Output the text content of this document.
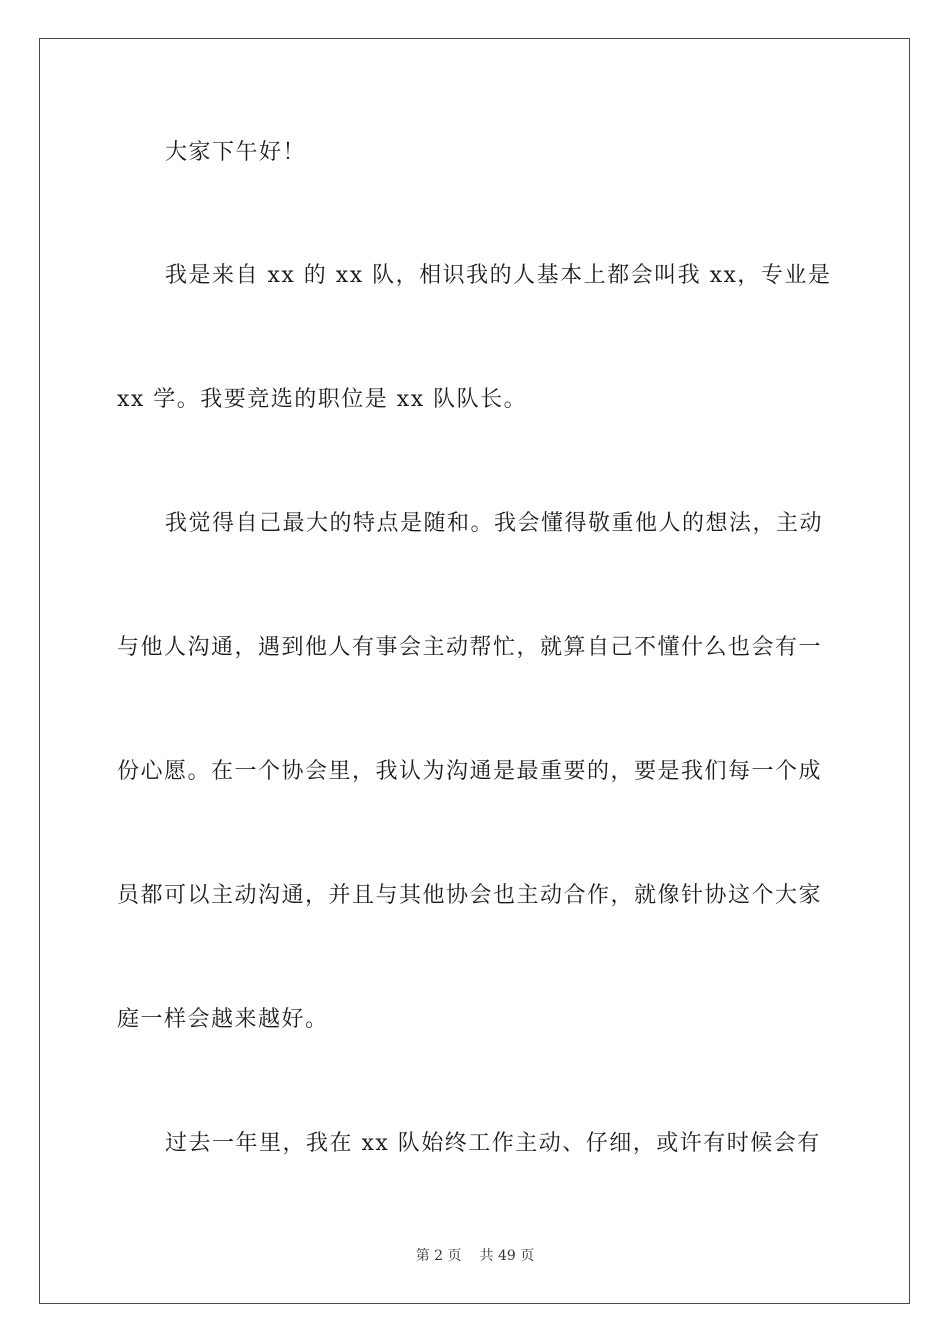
大家下午好！
我是来自 xx 的 xx 队，相识我的人基本上都会叫我 xx，专业是
xx 学。我要竞选的职位是 xx 队队长。
我觉得自己最大的特点是随和。我会懂得敬重他人的想法，主动
与他人沟通，遇到他人有事会主动帮忙，就算自己不懂什么也会有一
份心愿。在一个协会里，我认为沟通是最重要的，要是我们每一个成
员都可以主动沟通，并且与其他协会也主动合作，就像针协这个大家
庭一样会越来越好。
过去一年里，我在 xx 队始终工作主动、仔细，或许有时候会有
第 2 页 共 49 页
